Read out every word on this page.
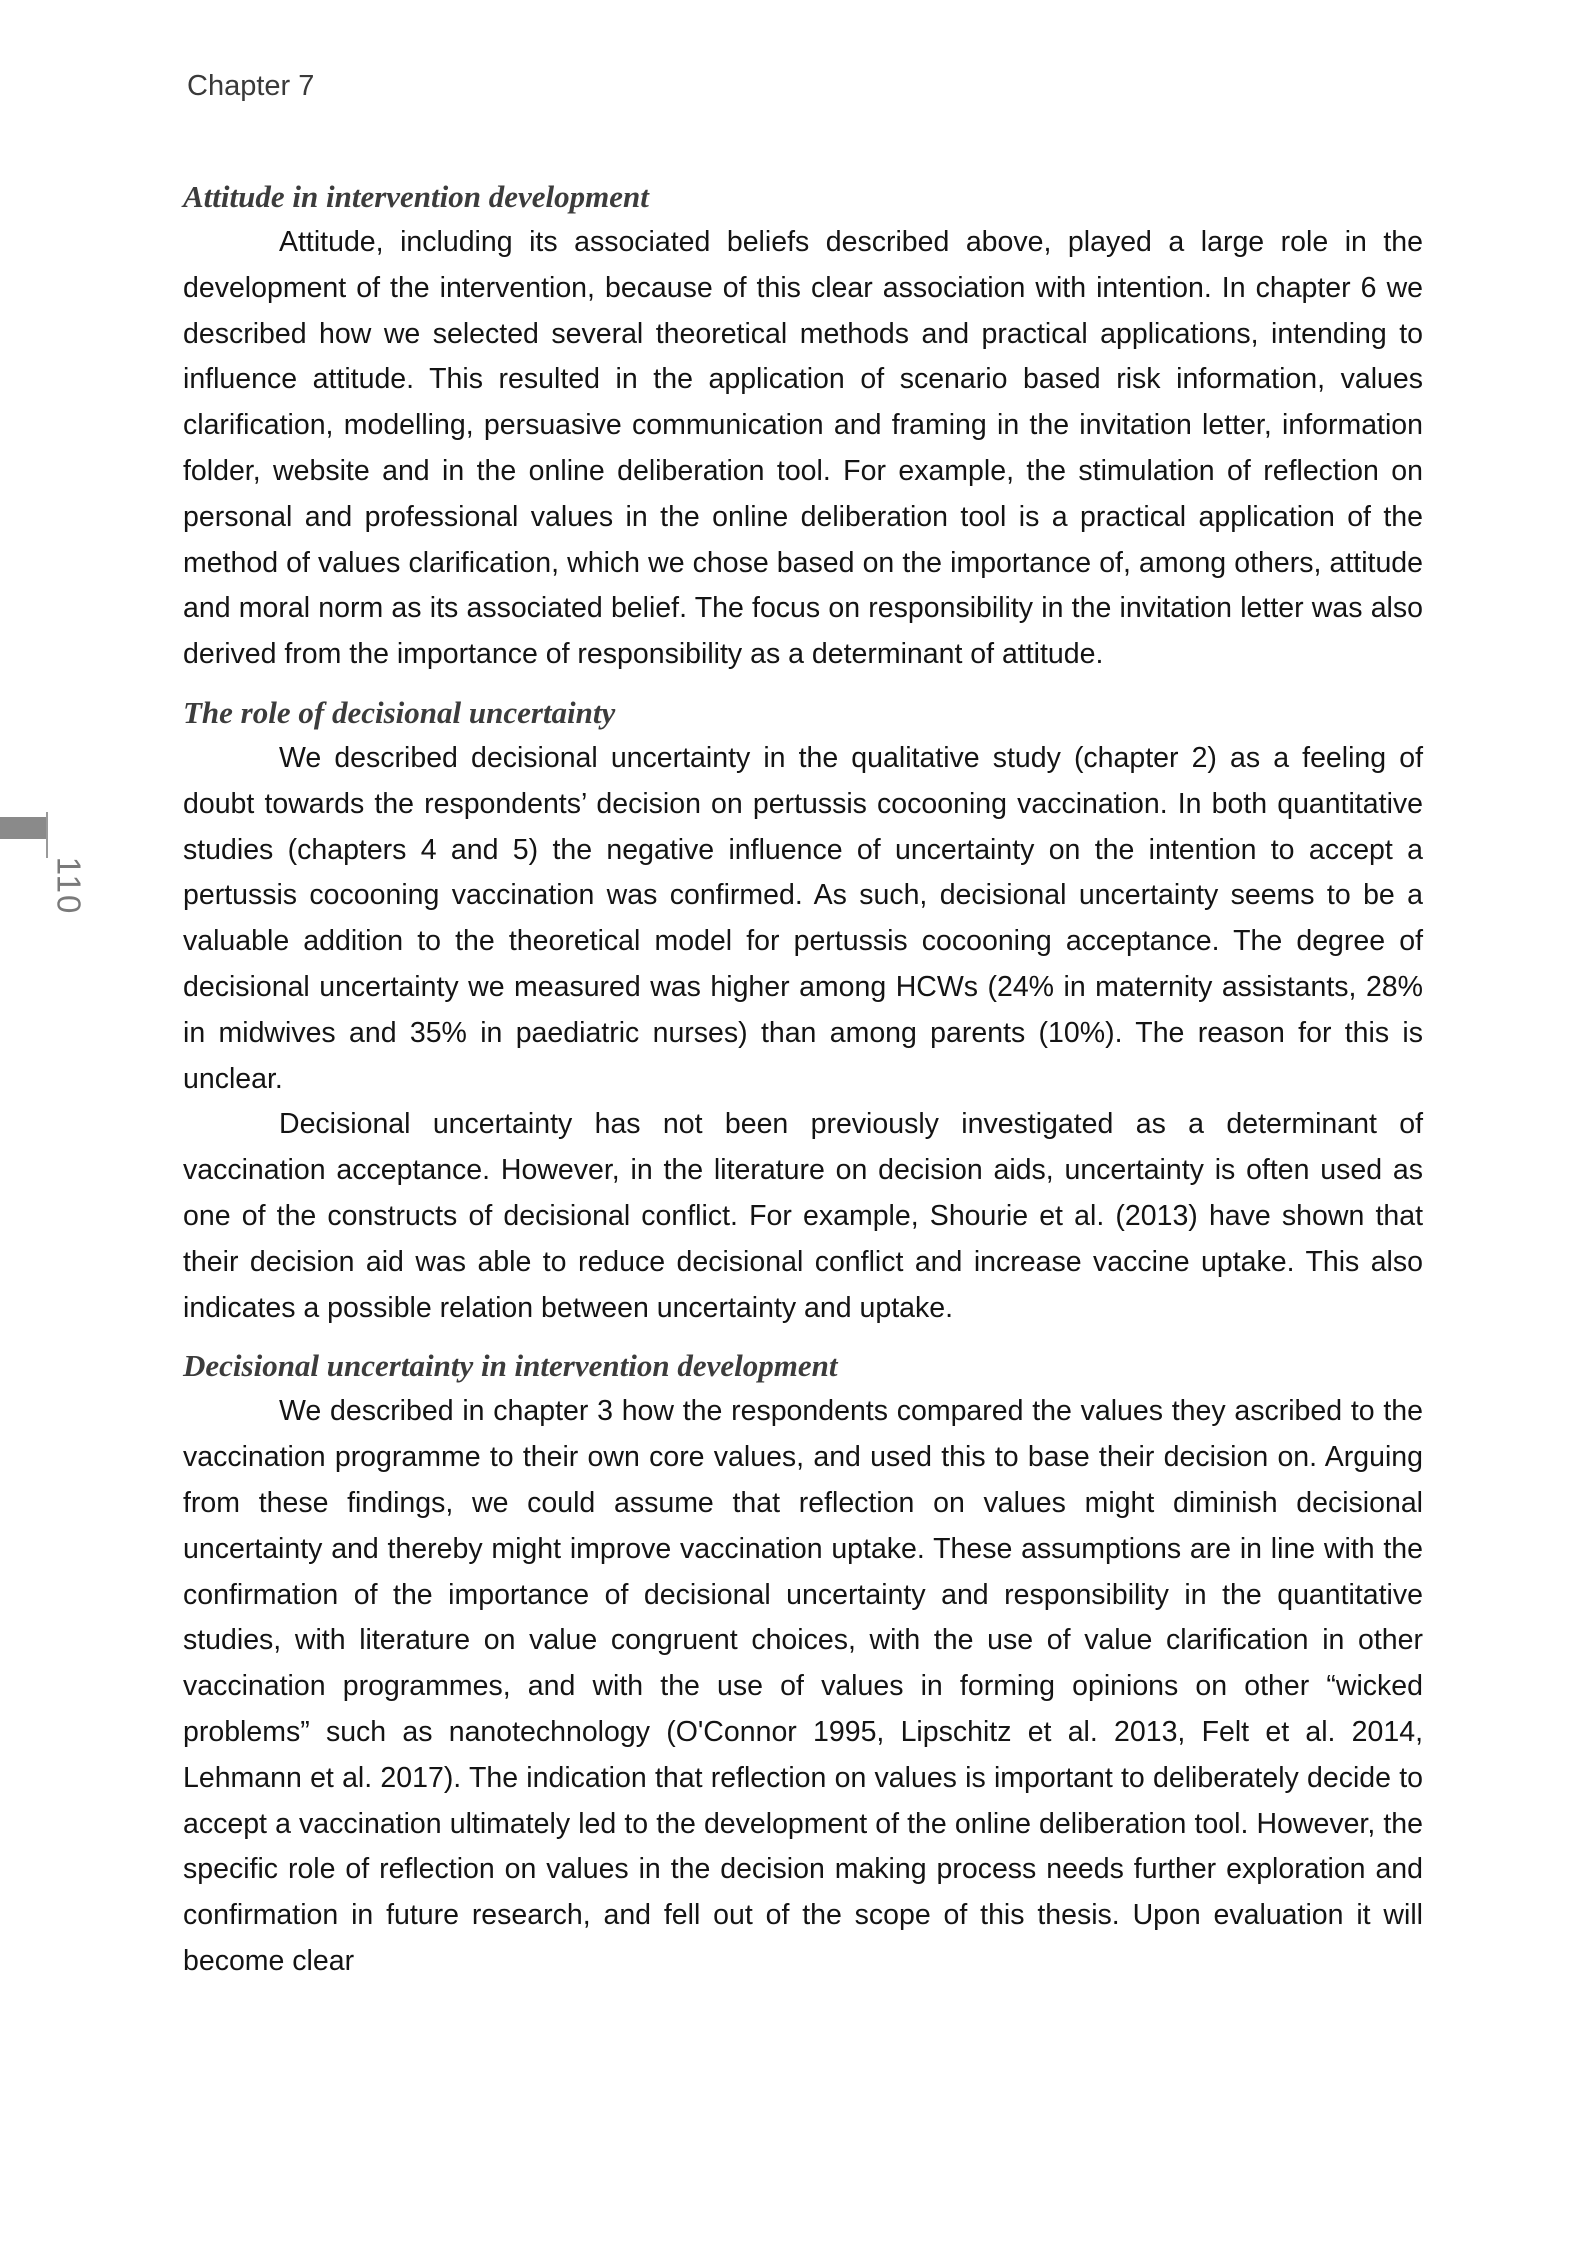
Chapter 7
110
Attitude in intervention development

Attitude, including its associated beliefs described above, played a large role in the development of the intervention, because of this clear association with intention. In chapter 6 we described how we selected several theoretical methods and practical applications, intending to influence attitude. This resulted in the application of scenario based risk information, values clarification, modelling, persuasive communication and framing in the invitation letter, information folder, website and in the online deliberation tool. For example, the stimulation of reflection on personal and professional values in the online deliberation tool is a practical application of the method of values clarification, which we chose based on the importance of, among others, attitude and moral norm as its associated belief. The focus on responsibility in the invitation letter was also derived from the importance of responsibility as a determinant of attitude.

The role of decisional uncertainty

We described decisional uncertainty in the qualitative study (chapter 2) as a feeling of doubt towards the respondents’ decision on pertussis cocooning vaccination. In both quantitative studies (chapters 4 and 5) the negative influence of uncertainty on the intention to accept a pertussis cocooning vaccination was confirmed. As such, decisional uncertainty seems to be a valuable addition to the theoretical model for pertussis cocooning acceptance. The degree of decisional uncertainty we measured was higher among HCWs (24% in maternity assistants, 28% in midwives and 35% in paediatric nurses) than among parents (10%). The reason for this is unclear.

Decisional uncertainty has not been previously investigated as a determinant of vaccination acceptance. However, in the literature on decision aids, uncertainty is often used as one of the constructs of decisional conflict. For example, Shourie et al. (2013) have shown that their decision aid was able to reduce decisional conflict and increase vaccine uptake. This also indicates a possible relation between uncertainty and uptake.

Decisional uncertainty in intervention development

We described in chapter 3 how the respondents compared the values they ascribed to the vaccination programme to their own core values, and used this to base their decision on. Arguing from these findings, we could assume that reflection on values might diminish decisional uncertainty and thereby might improve vaccination uptake. These assumptions are in line with the confirmation of the importance of decisional uncertainty and responsibility in the quantitative studies, with literature on value congruent choices, with the use of value clarification in other vaccination programmes, and with the use of values in forming opinions on other “wicked problems” such as nanotechnology (O'Connor 1995, Lipschitz et al. 2013, Felt et al. 2014, Lehmann et al. 2017). The indication that reflection on values is important to deliberately decide to accept a vaccination ultimately led to the development of the online deliberation tool. However, the specific role of reflection on values in the decision making process needs further exploration and confirmation in future research, and fell out of the scope of this thesis. Upon evaluation it will become clear
